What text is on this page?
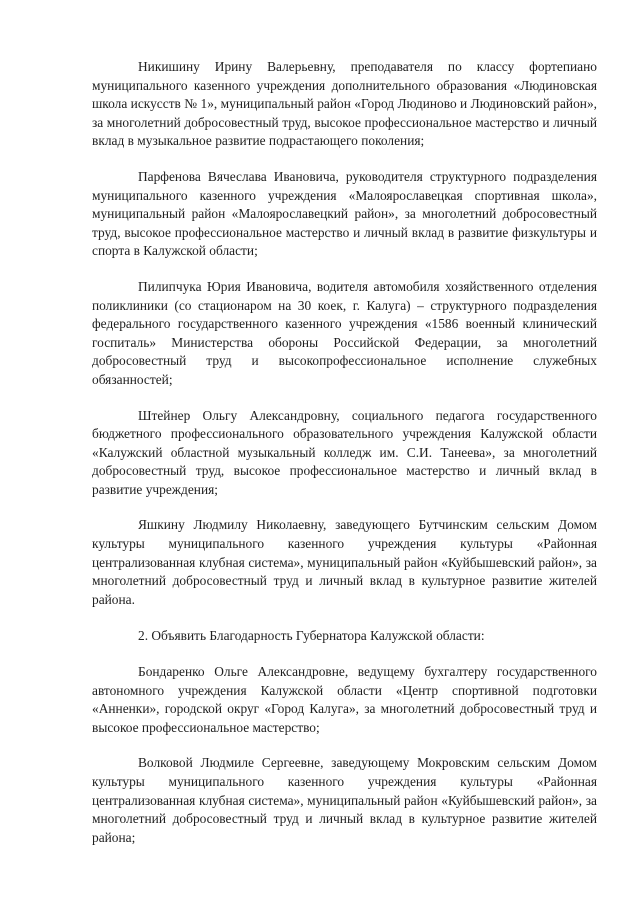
Никишину Ирину Валерьевну, преподавателя по классу фортепиано муниципального казенного учреждения дополнительного образования «Людиновская школа искусств № 1», муниципальный район «Город Людиново и Людиновский район», за многолетний добросовестный труд, высокое профессиональное мастерство и личный вклад в музыкальное развитие подрастающего поколения;

Парфенова Вячеслава Ивановича, руководителя структурного подразделения муниципального казенного учреждения «Малоярославецкая спортивная школа», муниципальный район «Малоярославецкий район», за многолетний добросовестный труд, высокое профессиональное мастерство и личный вклад в развитие физкультуры и спорта в Калужской области;

Пилипчука Юрия Ивановича, водителя автомобиля хозяйственного отделения поликлиники (со стационаром на 30 коек, г. Калуга) – структурного подразделения федерального государственного казенного учреждения «1586 военный клинический госпиталь» Министерства обороны Российской Федерации, за многолетний добросовестный труд и высокопрофессиональное исполнение служебных обязанностей;

Штейнер Ольгу Александровну, социального педагога государственного бюджетного профессионального образовательного учреждения Калужской области «Калужский областной музыкальный колледж им. С.И. Танеева», за многолетний добросовестный труд, высокое профессиональное мастерство и личный вклад в развитие учреждения;

Яшкину Людмилу Николаевну, заведующего Бутчинским сельским Домом культуры муниципального казенного учреждения культуры «Районная централизованная клубная система», муниципальный район «Куйбышевский район», за многолетний добросовестный труд и личный вклад в культурное развитие жителей района.

2. Объявить Благодарность Губернатора Калужской области:

Бондаренко Ольге Александровне, ведущему бухгалтеру государственного автономного учреждения Калужской области «Центр спортивной подготовки «Анненки», городской округ «Город Калуга», за многолетний добросовестный труд и высокое профессиональное мастерство;

Волковой Людмиле Сергеевне, заведующему Мокровским сельским Домом культуры муниципального казенного учреждения культуры «Районная централизованная клубная система», муниципальный район «Куйбышевский район», за многолетний добросовестный труд и личный вклад в культурное развитие жителей района;
